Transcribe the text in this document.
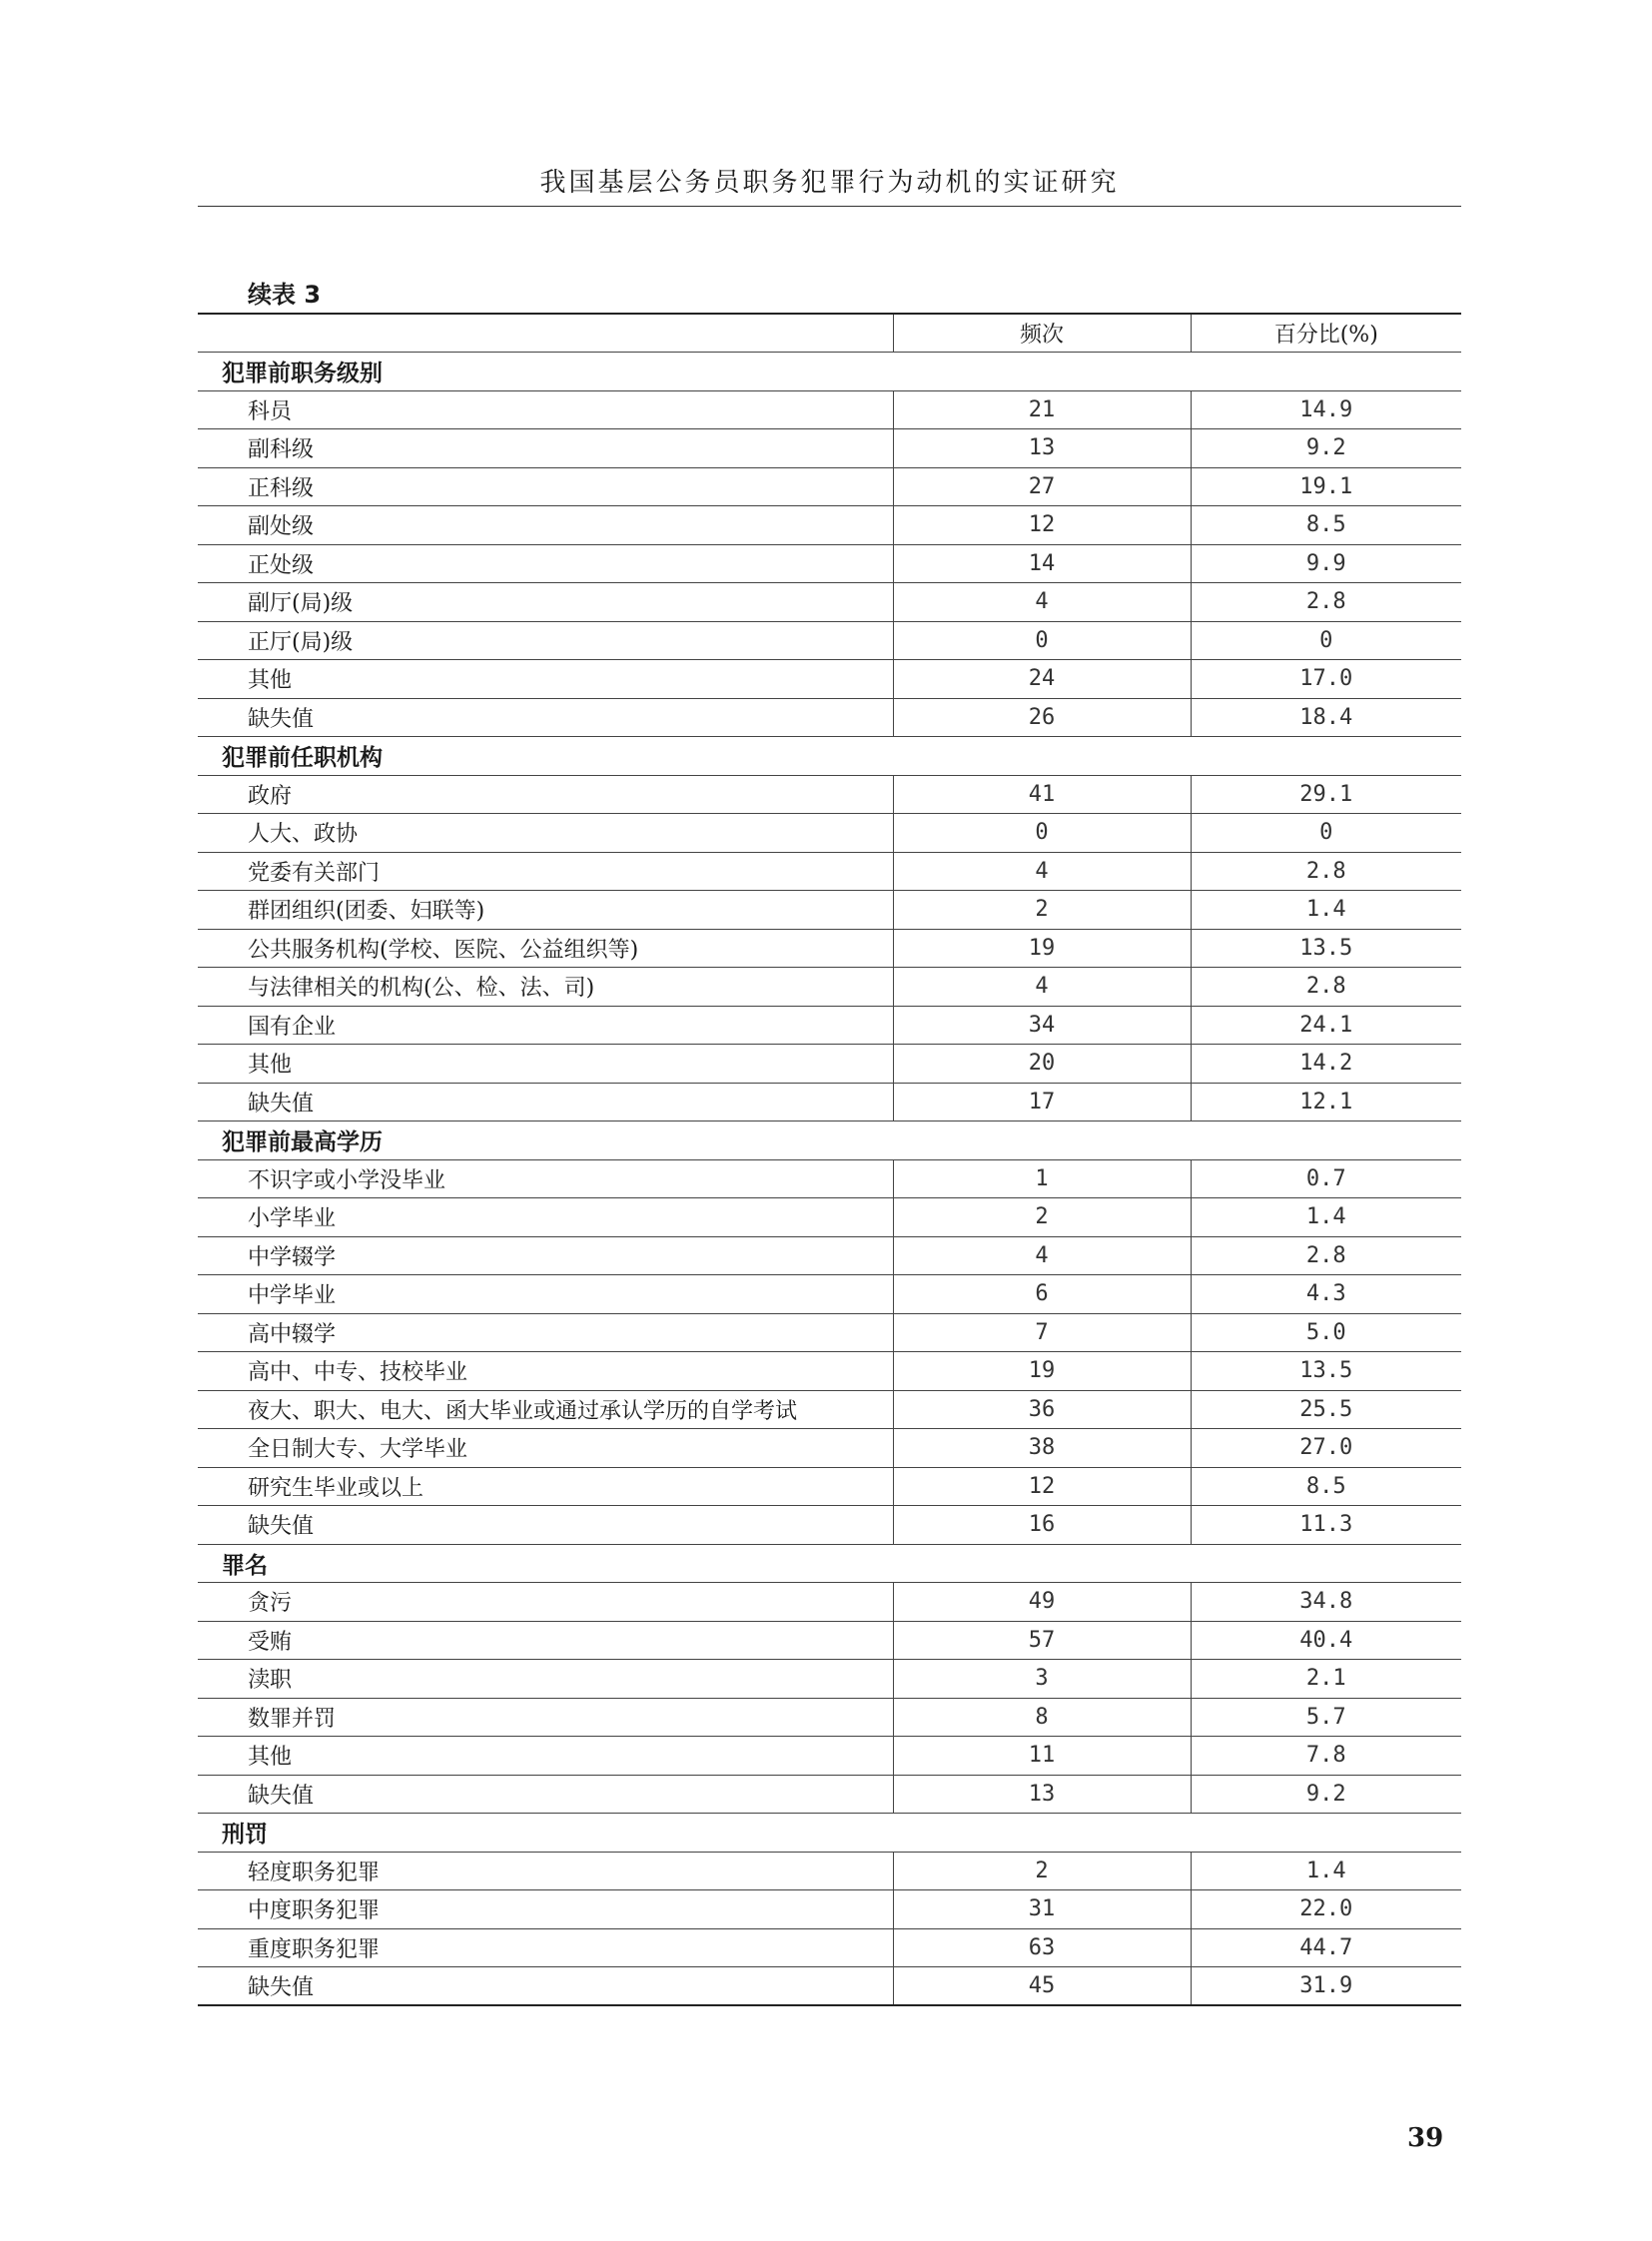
我国基层公务员职务犯罪行为动机的实证研究
续表 3
	频次	百分比(%)
犯罪前职务级别		
科员	21	14.9
副科级	13	9.2
正科级	27	19.1
副处级	12	8.5
正处级	14	9.9
副厅(局)级	4	2.8
正厅(局)级	0	0
其他	24	17.0
缺失值	26	18.4
犯罪前任职机构		
政府	41	29.1
人大、政协	0	0
党委有关部门	4	2.8
群团组织(团委、妇联等)	2	1.4
公共服务机构(学校、医院、公益组织等)	19	13.5
与法律相关的机构(公、检、法、司)	4	2.8
国有企业	34	24.1
其他	20	14.2
缺失值	17	12.1
犯罪前最高学历		
不识字或小学没毕业	1	0.7
小学毕业	2	1.4
中学辍学	4	2.8
中学毕业	6	4.3
高中辍学	7	5.0
高中、中专、技校毕业	19	13.5
夜大、职大、电大、函大毕业或通过承认学历的自学考试	36	25.5
全日制大专、大学毕业	38	27.0
研究生毕业或以上	12	8.5
缺失值	16	11.3
罪名		
贪污	49	34.8
受贿	57	40.4
渎职	3	2.1
数罪并罚	8	5.7
其他	11	7.8
缺失值	13	9.2
刑罚		
轻度职务犯罪	2	1.4
中度职务犯罪	31	22.0
重度职务犯罪	63	44.7
缺失值	45	31.9
39
